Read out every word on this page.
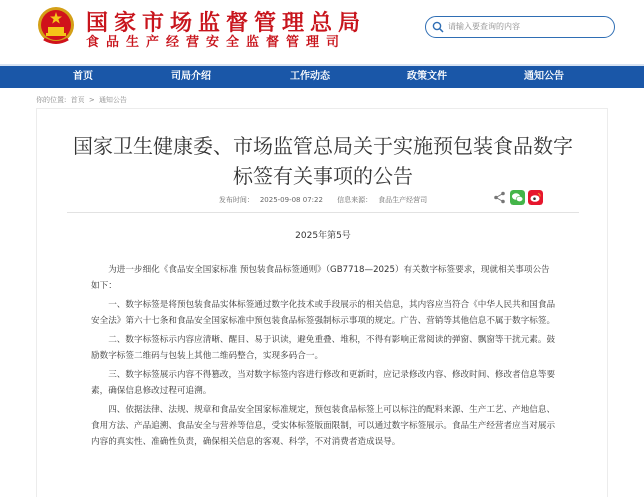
国家市场监督管理总局
食品生产经营安全监督管理司
请输入要查询的内容
首页	司局介绍	工作动态	政策文件	通知公告
你的位置: 首页 > 通知公告
国家卫生健康委、市场监管总局关于实施预包装食品数字标签有关事项的公告
发布时间： 2025-09-08 07:22 信息来源： 食品生产经营司
2025年第5号

为进一步细化《食品安全国家标准 预包装食品标签通则》（GB7718—2025）有关数字标签要求，现就相关事项公告如下：

一、数字标签是将预包装食品实体标签通过数字化技术或手段展示的相关信息，其内容应当符合《中华人民共和国食品安全法》第六十七条和食品安全国家标准中预包装食品标签强制标示事项的规定。广告、营销等其他信息不属于数字标签。

二、数字标签标示内容应清晰、醒目、易于识读，避免重叠、堆积，不得有影响正常阅读的弹窗、飘窗等干扰元素。鼓励数字标签二维码与包装上其他二维码整合，实现多码合一。

三、数字标签展示内容不得篡改，当对数字标签内容进行修改和更新时，应记录修改内容、修改时间、修改者信息等要素，确保信息修改过程可追溯。

四、依据法律、法规、规章和食品安全国家标准规定，预包装食品标签上可以标注的配料来源、生产工艺、产地信息、食用方法、产品追溯、食品安全与营养等信息，受实体标签版面限制，可以通过数字标签展示。食品生产经营者应当对展示内容的真实性、准确性负责，确保相关信息的客观、科学，不对消费者造成误导。
